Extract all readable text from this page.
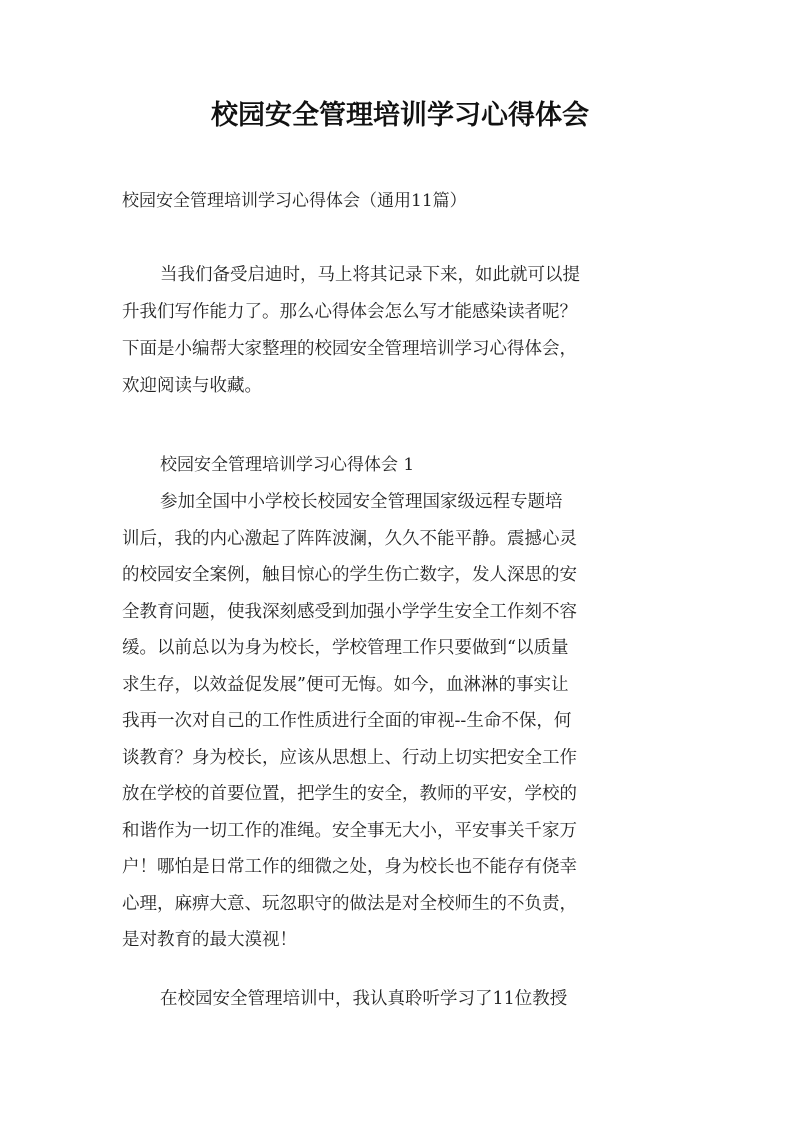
校园安全管理培训学习心得体会
校园安全管理培训学习心得体会（通用11篇）
当我们备受启迪时，马上将其记录下来，如此就可以提
升我们写作能力了。那么心得体会怎么写才能感染读者呢？
下面是小编帮大家整理的校园安全管理培训学习心得体会，
欢迎阅读与收藏。
校园安全管理培训学习心得体会 1
参加全国中小学校长校园安全管理国家级远程专题培
训后，我的内心激起了阵阵波澜，久久不能平静。震撼心灵
的校园安全案例，触目惊心的学生伤亡数字，发人深思的安
全教育问题，使我深刻感受到加强小学学生安全工作刻不容
缓。以前总以为身为校长，学校管理工作只要做到“以质量
求生存，以效益促发展”便可无悔。如今，血淋淋的事实让
我再一次对自己的工作性质进行全面的审视--生命不保，何
谈教育？身为校长，应该从思想上、行动上切实把安全工作
放在学校的首要位置，把学生的安全，教师的平安，学校的
和谐作为一切工作的准绳。安全事无大小，平安事关千家万
户！哪怕是日常工作的细微之处，身为校长也不能存有侥幸
心理，麻痹大意、玩忽职守的做法是对全校师生的不负责，
是对教育的最大漠视！
在校园安全管理培训中，我认真聆听学习了11位教授
